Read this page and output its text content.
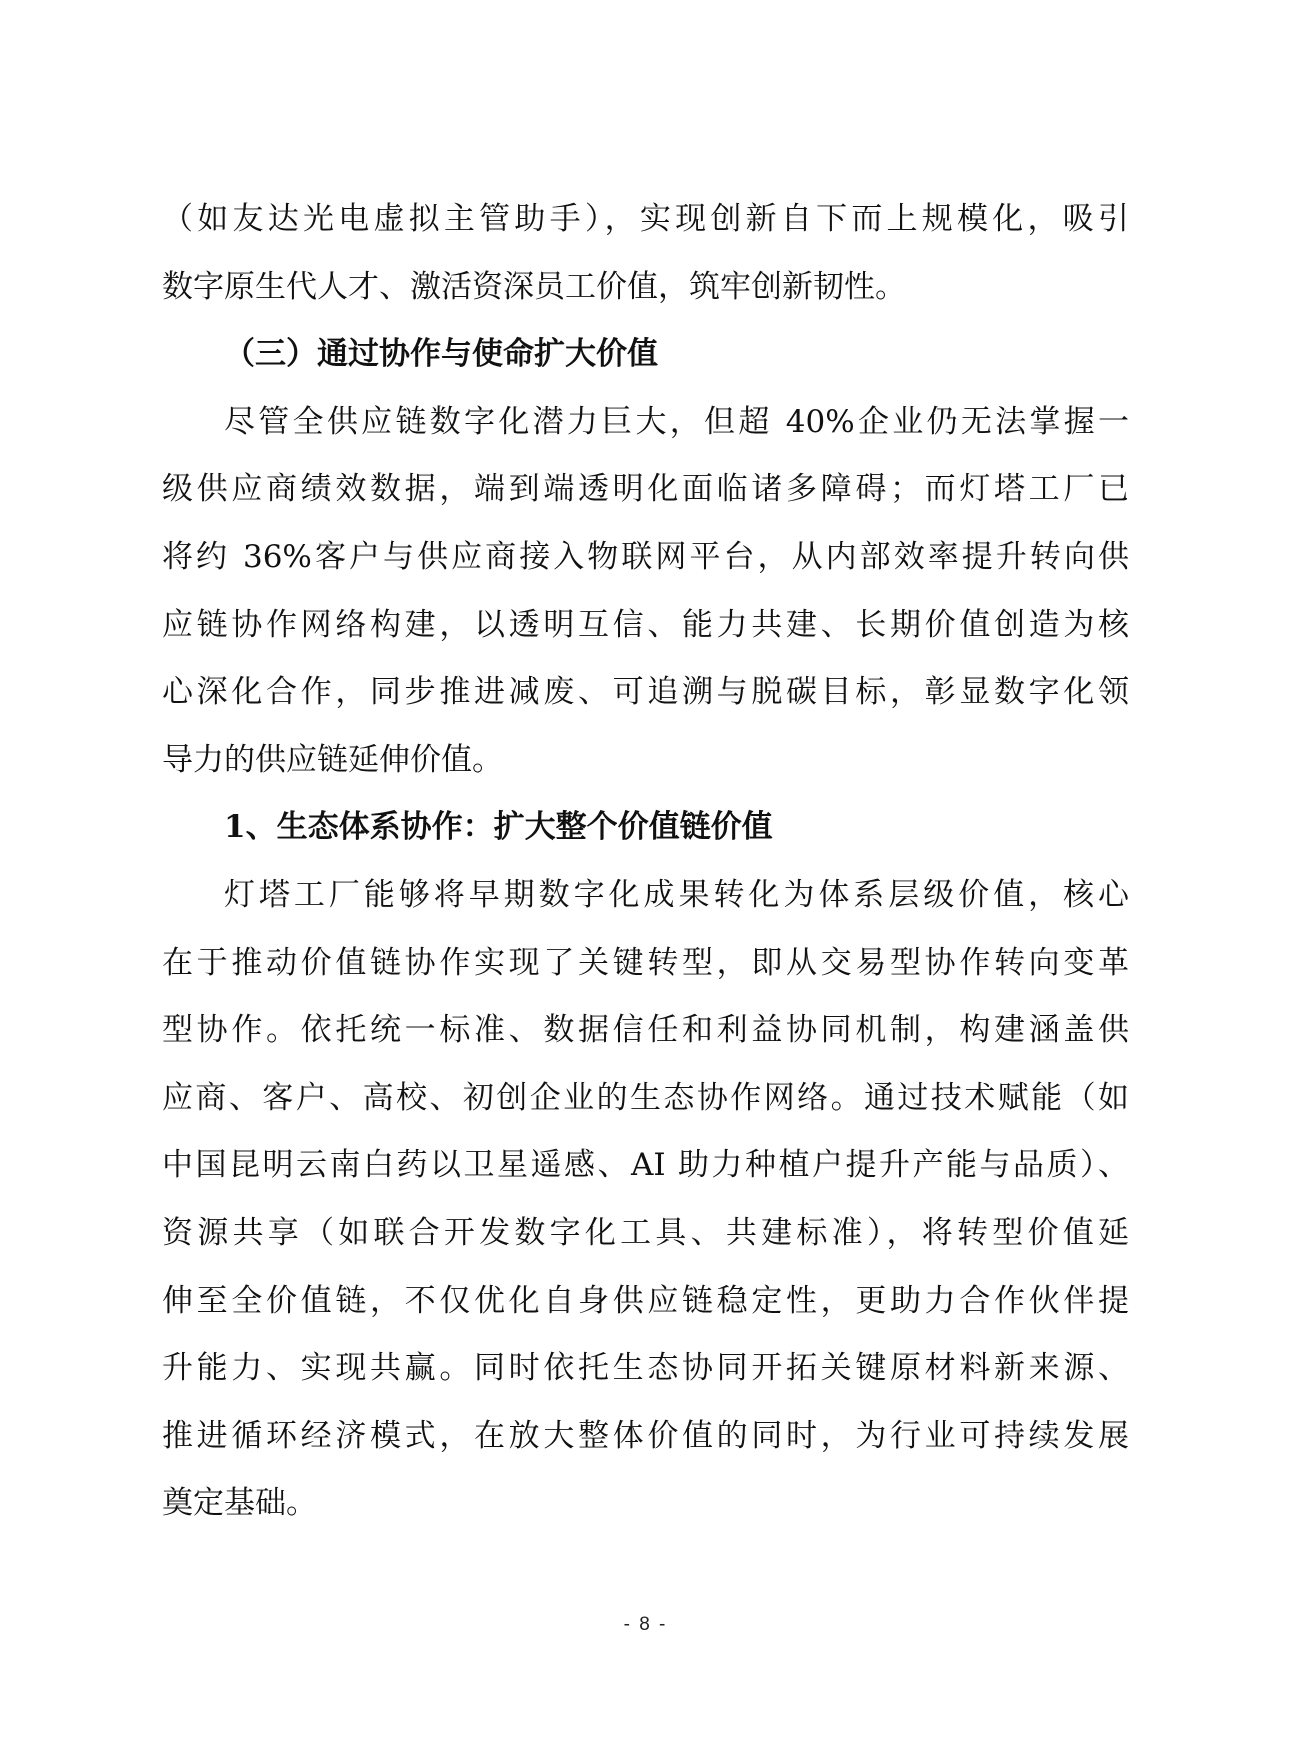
（如友达光电虚拟主管助手），实现创新自下而上规模化，吸引
数字原生代人才、激活资深员工价值，筑牢创新韧性。
（三）通过协作与使命扩大价值
尽管全供应链数字化潜力巨大，但超 40%企业仍无法掌握一
级供应商绩效数据，端到端透明化面临诸多障碍；而灯塔工厂已
将约 36%客户与供应商接入物联网平台，从内部效率提升转向供
应链协作网络构建，以透明互信、能力共建、长期价值创造为核
心深化合作，同步推进减废、可追溯与脱碳目标，彰显数字化领
导力的供应链延伸价值。
1、生态体系协作：扩大整个价值链价值
灯塔工厂能够将早期数字化成果转化为体系层级价值，核心
在于推动价值链协作实现了关键转型，即从交易型协作转向变革
型协作。依托统一标准、数据信任和利益协同机制，构建涵盖供
应商、客户、高校、初创企业的生态协作网络。通过技术赋能（如
中国昆明云南白药以卫星遥感、AI 助力种植户提升产能与品质）、
资源共享（如联合开发数字化工具、共建标准），将转型价值延
伸至全价值链，不仅优化自身供应链稳定性，更助力合作伙伴提
升能力、实现共赢。同时依托生态协同开拓关键原材料新来源、
推进循环经济模式，在放大整体价值的同时，为行业可持续发展
奠定基础。
- 8 -
